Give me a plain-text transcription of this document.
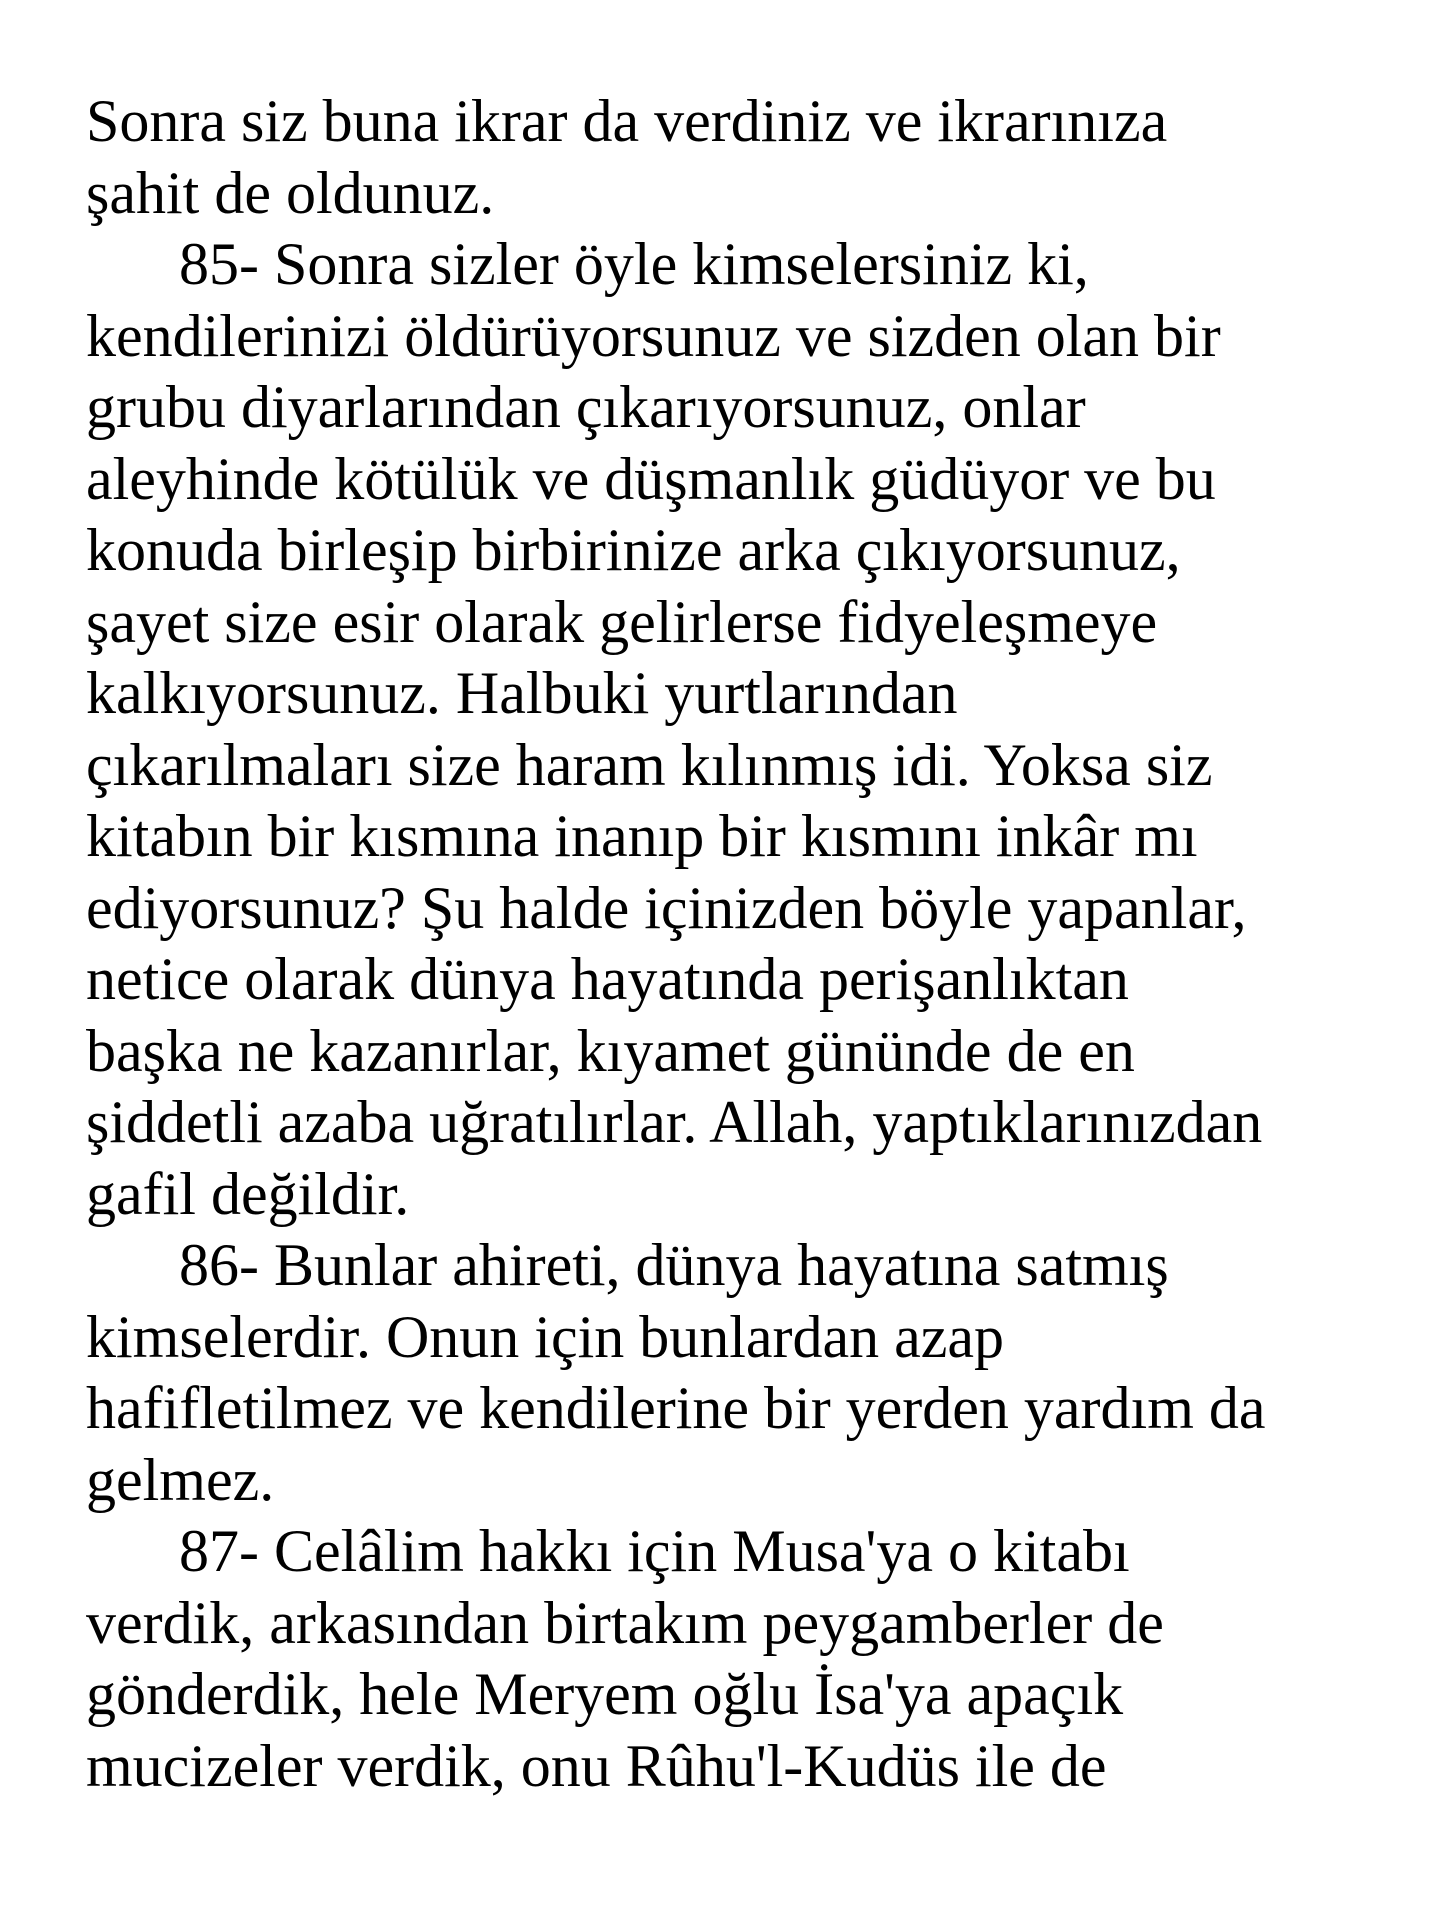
Sonra siz buna ikrar da verdiniz ve ikrarınıza
şahit de oldunuz.
85- Sonra sizler öyle kimselersiniz ki,
kendilerinizi öldürüyorsunuz ve sizden olan bir
grubu diyarlarından çıkarıyorsunuz, onlar
aleyhinde kötülük ve düşmanlık güdüyor ve bu
konuda birleşip birbirinize arka çıkıyorsunuz,
şayet size esir olarak gelirlerse fidyeleşmeye
kalkıyorsunuz. Halbuki yurtlarından
çıkarılmaları size haram kılınmış idi. Yoksa siz
kitabın bir kısmına inanıp bir kısmını inkâr mı
ediyorsunuz? Şu halde içinizden böyle yapanlar,
netice olarak dünya hayatında perişanlıktan
başka ne kazanırlar, kıyamet gününde de en
şiddetli azaba uğratılırlar. Allah, yaptıklarınızdan
gafil değildir.
86- Bunlar ahireti, dünya hayatına satmış
kimselerdir. Onun için bunlardan azap
hafifletilmez ve kendilerine bir yerden yardım da
gelmez.
87- Celâlim hakkı için Musa'ya o kitabı
verdik, arkasından birtakım peygamberler de
gönderdik, hele Meryem oğlu İsa'ya apaçık
mucizeler verdik, onu Rûhu'l-Kudüs ile de
